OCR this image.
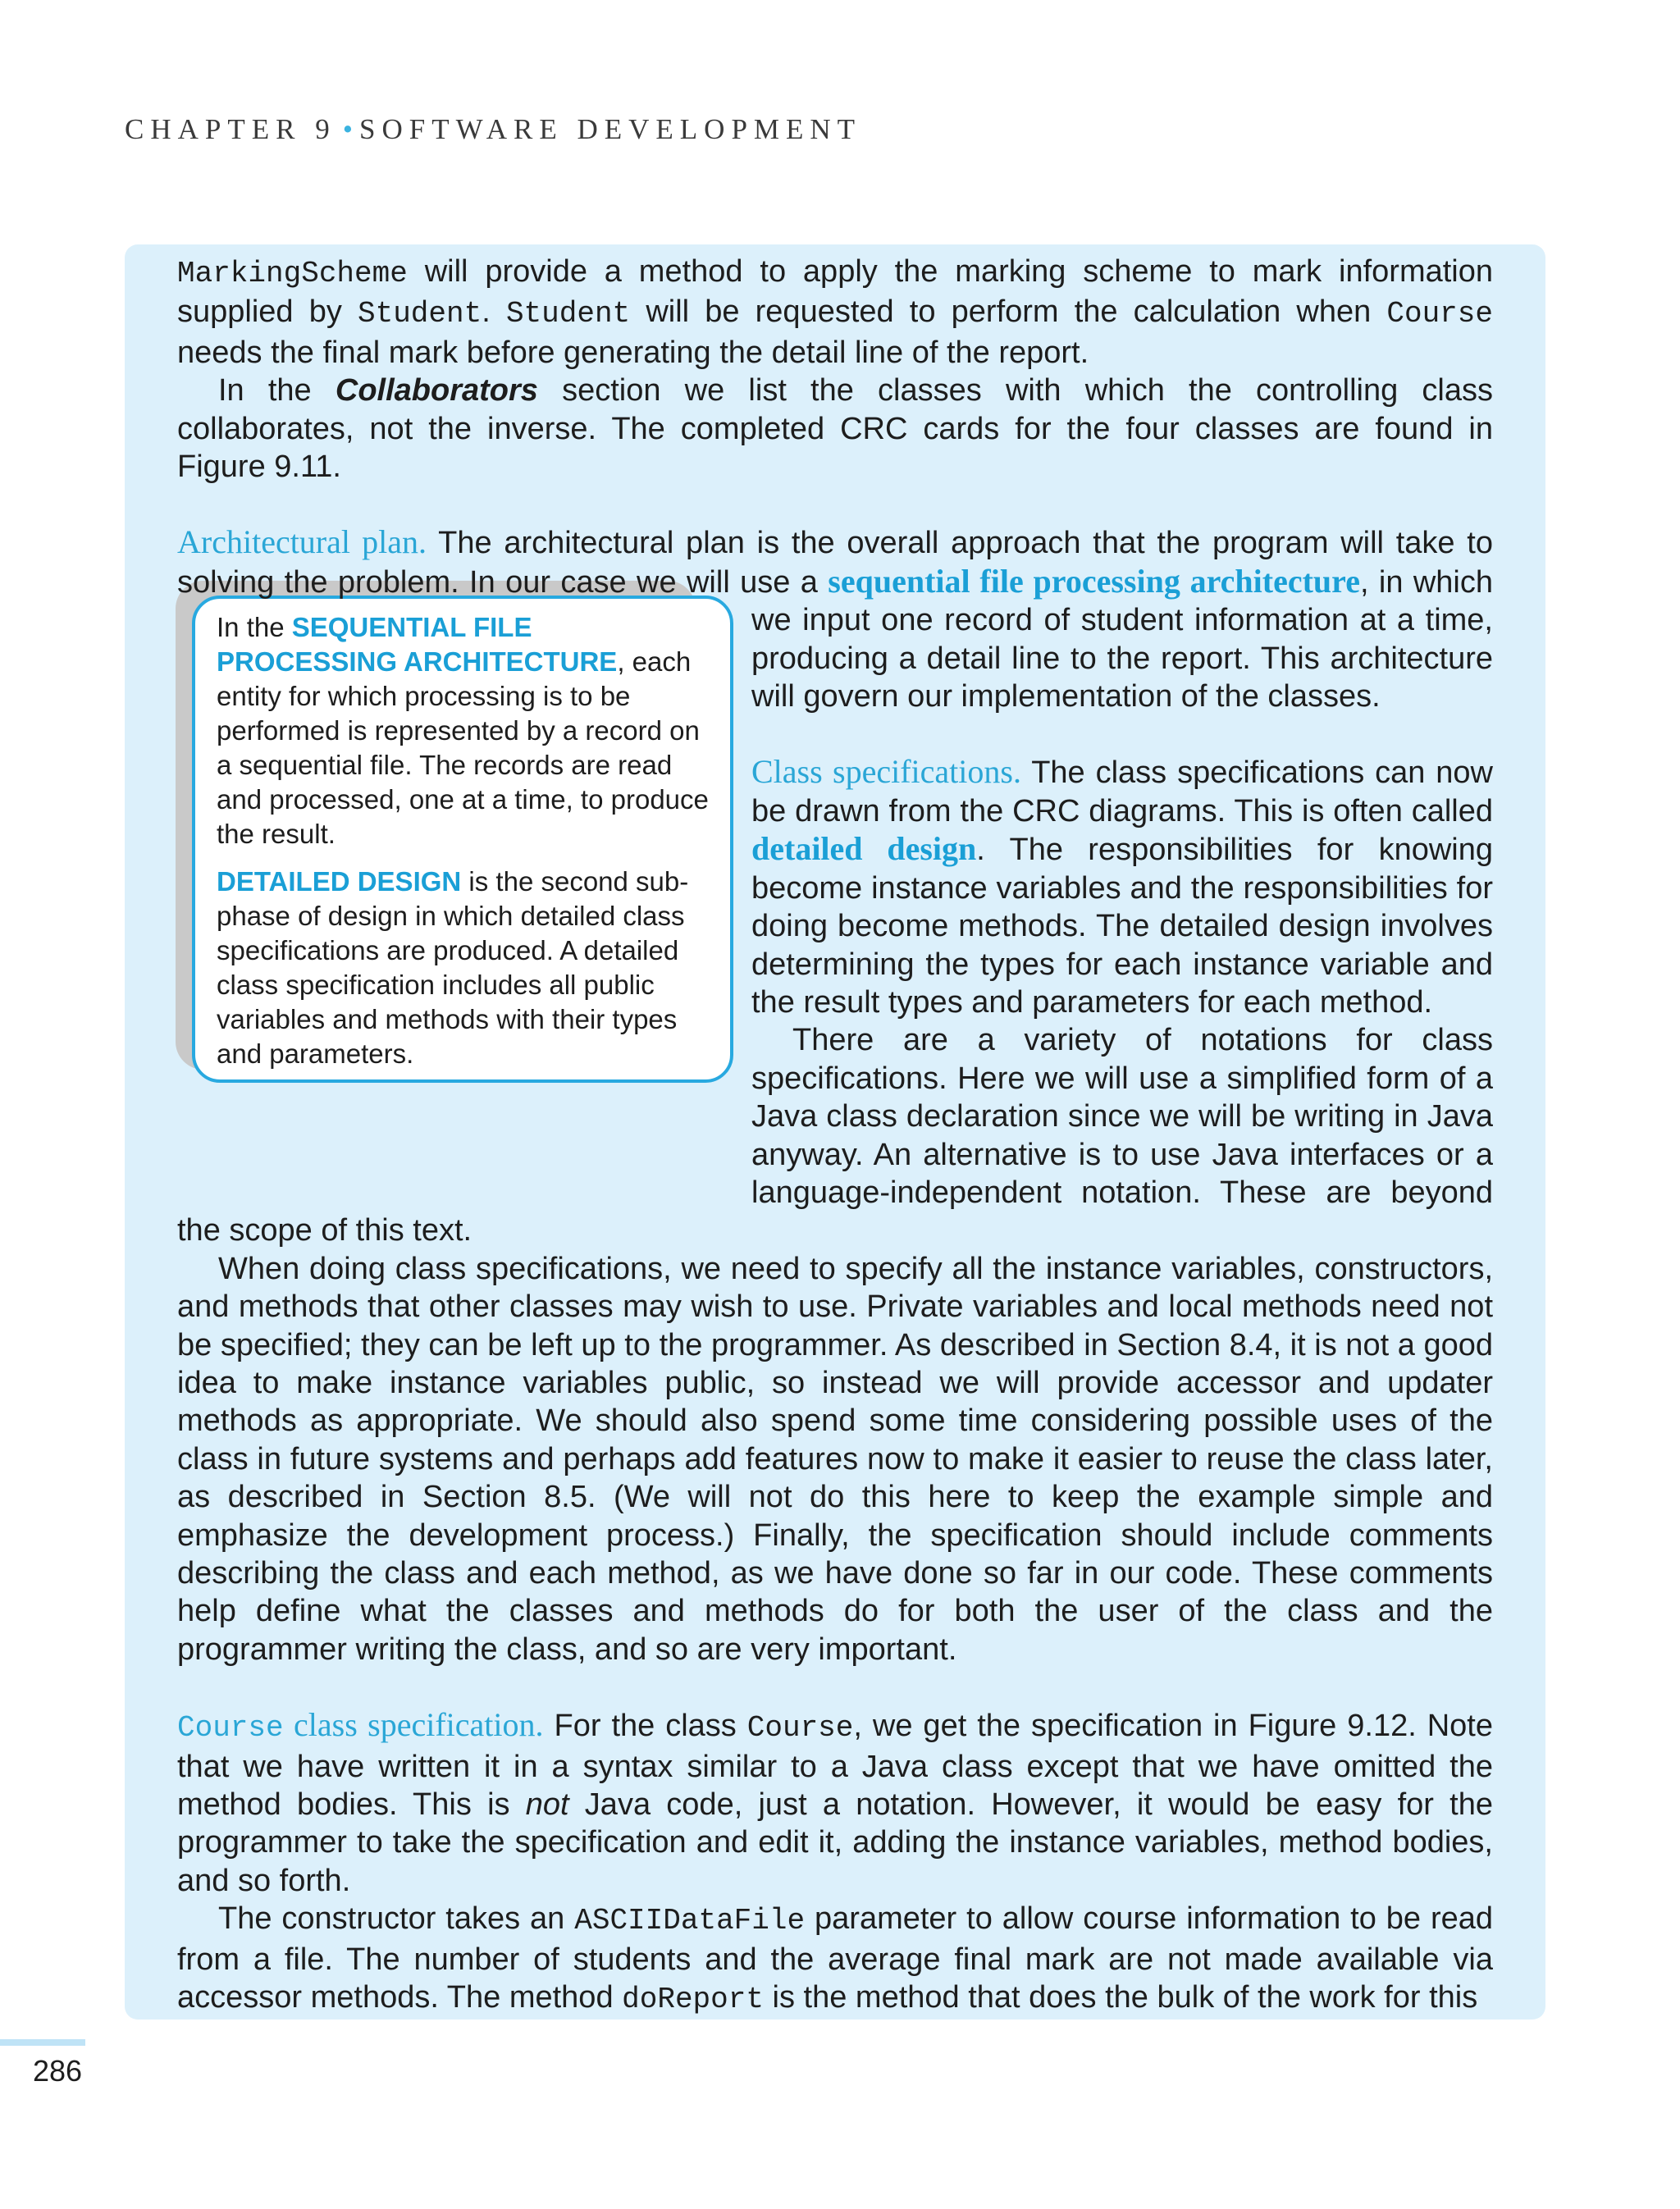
CHAPTER 9 • SOFTWARE DEVELOPMENT

In the SEQUENTIAL FILE PROCESSING ARCHITECTURE, each entity for which processing is to be performed is represented by a record on a sequential file. The records are read and processed, one at a time, to produce the result.

DETAILED DESIGN is the second sub-phase of design in which detailed class specifications are produced. A detailed class specification includes all public variables and methods with their types and parameters.

MarkingScheme will provide a method to apply the marking scheme to mark information supplied by Student. Student will be requested to perform the calculation when Course needs the final mark before generating the detail line of the report.

In the Collaborators section we list the classes with which the controlling class collaborates, not the inverse. The completed CRC cards for the four classes are found in Figure 9.11.

Architectural plan. The architectural plan is the overall approach that the program will take to solving the problem. In our case we will use a sequential file processing architecture
, in which we input one record of student information at a time, producing a detail line to the report. This architecture will govern our implementation of the classes.

Class specifications. The class specifications can now be drawn from the CRC diagrams. This is often called detailed design. The responsibilities for knowing become instance variables and the responsibilities for doing become methods. The detailed design involves determining the types for each instance variable and the result types and parameters for each method.

There are a variety of notations for class specifications. Here we will use a simplified form of a Java class declaration since we will be writing in Java anyway. An alternative is to use Java interfaces or a language-independent notation. These are beyond the scope of this text.

When doing class specifications, we need to specify all the instance variables, constructors, and methods that other classes may wish to use. Private variables and local methods need not be specified; they can be left up to the programmer. As described in Section 8.4, it is not a good idea to make instance variables public, so instead we will provide accessor and updater methods as appropriate. We should also spend some time considering possible uses of the class in future systems and perhaps add features now to make it easier to reuse the class later, as described in Section 8.5. (We will not do this here to keep the example simple and emphasize the development process.) Finally, the specification should include comments describing the class and each method, as we have done so far in our code. These comments help define what the classes and methods do for both the user of the class and the programmer writing the class, and so are very important.

Course class specification. For the class Course, we get the specification in Figure 9.12. Note that we have written it in a syntax similar to a Java class except that we have omitted the method bodies. This is not Java code, just a notation. However, it would be easy for the programmer to take the specification and edit it, adding the instance variables, method bodies, and so forth.

The constructor takes an ASCIIDataFile parameter to allow course information to be read from a file. The number of students and the average final mark are not made available via accessor methods. The method doReport is the method that does the bulk of the work for this

286
